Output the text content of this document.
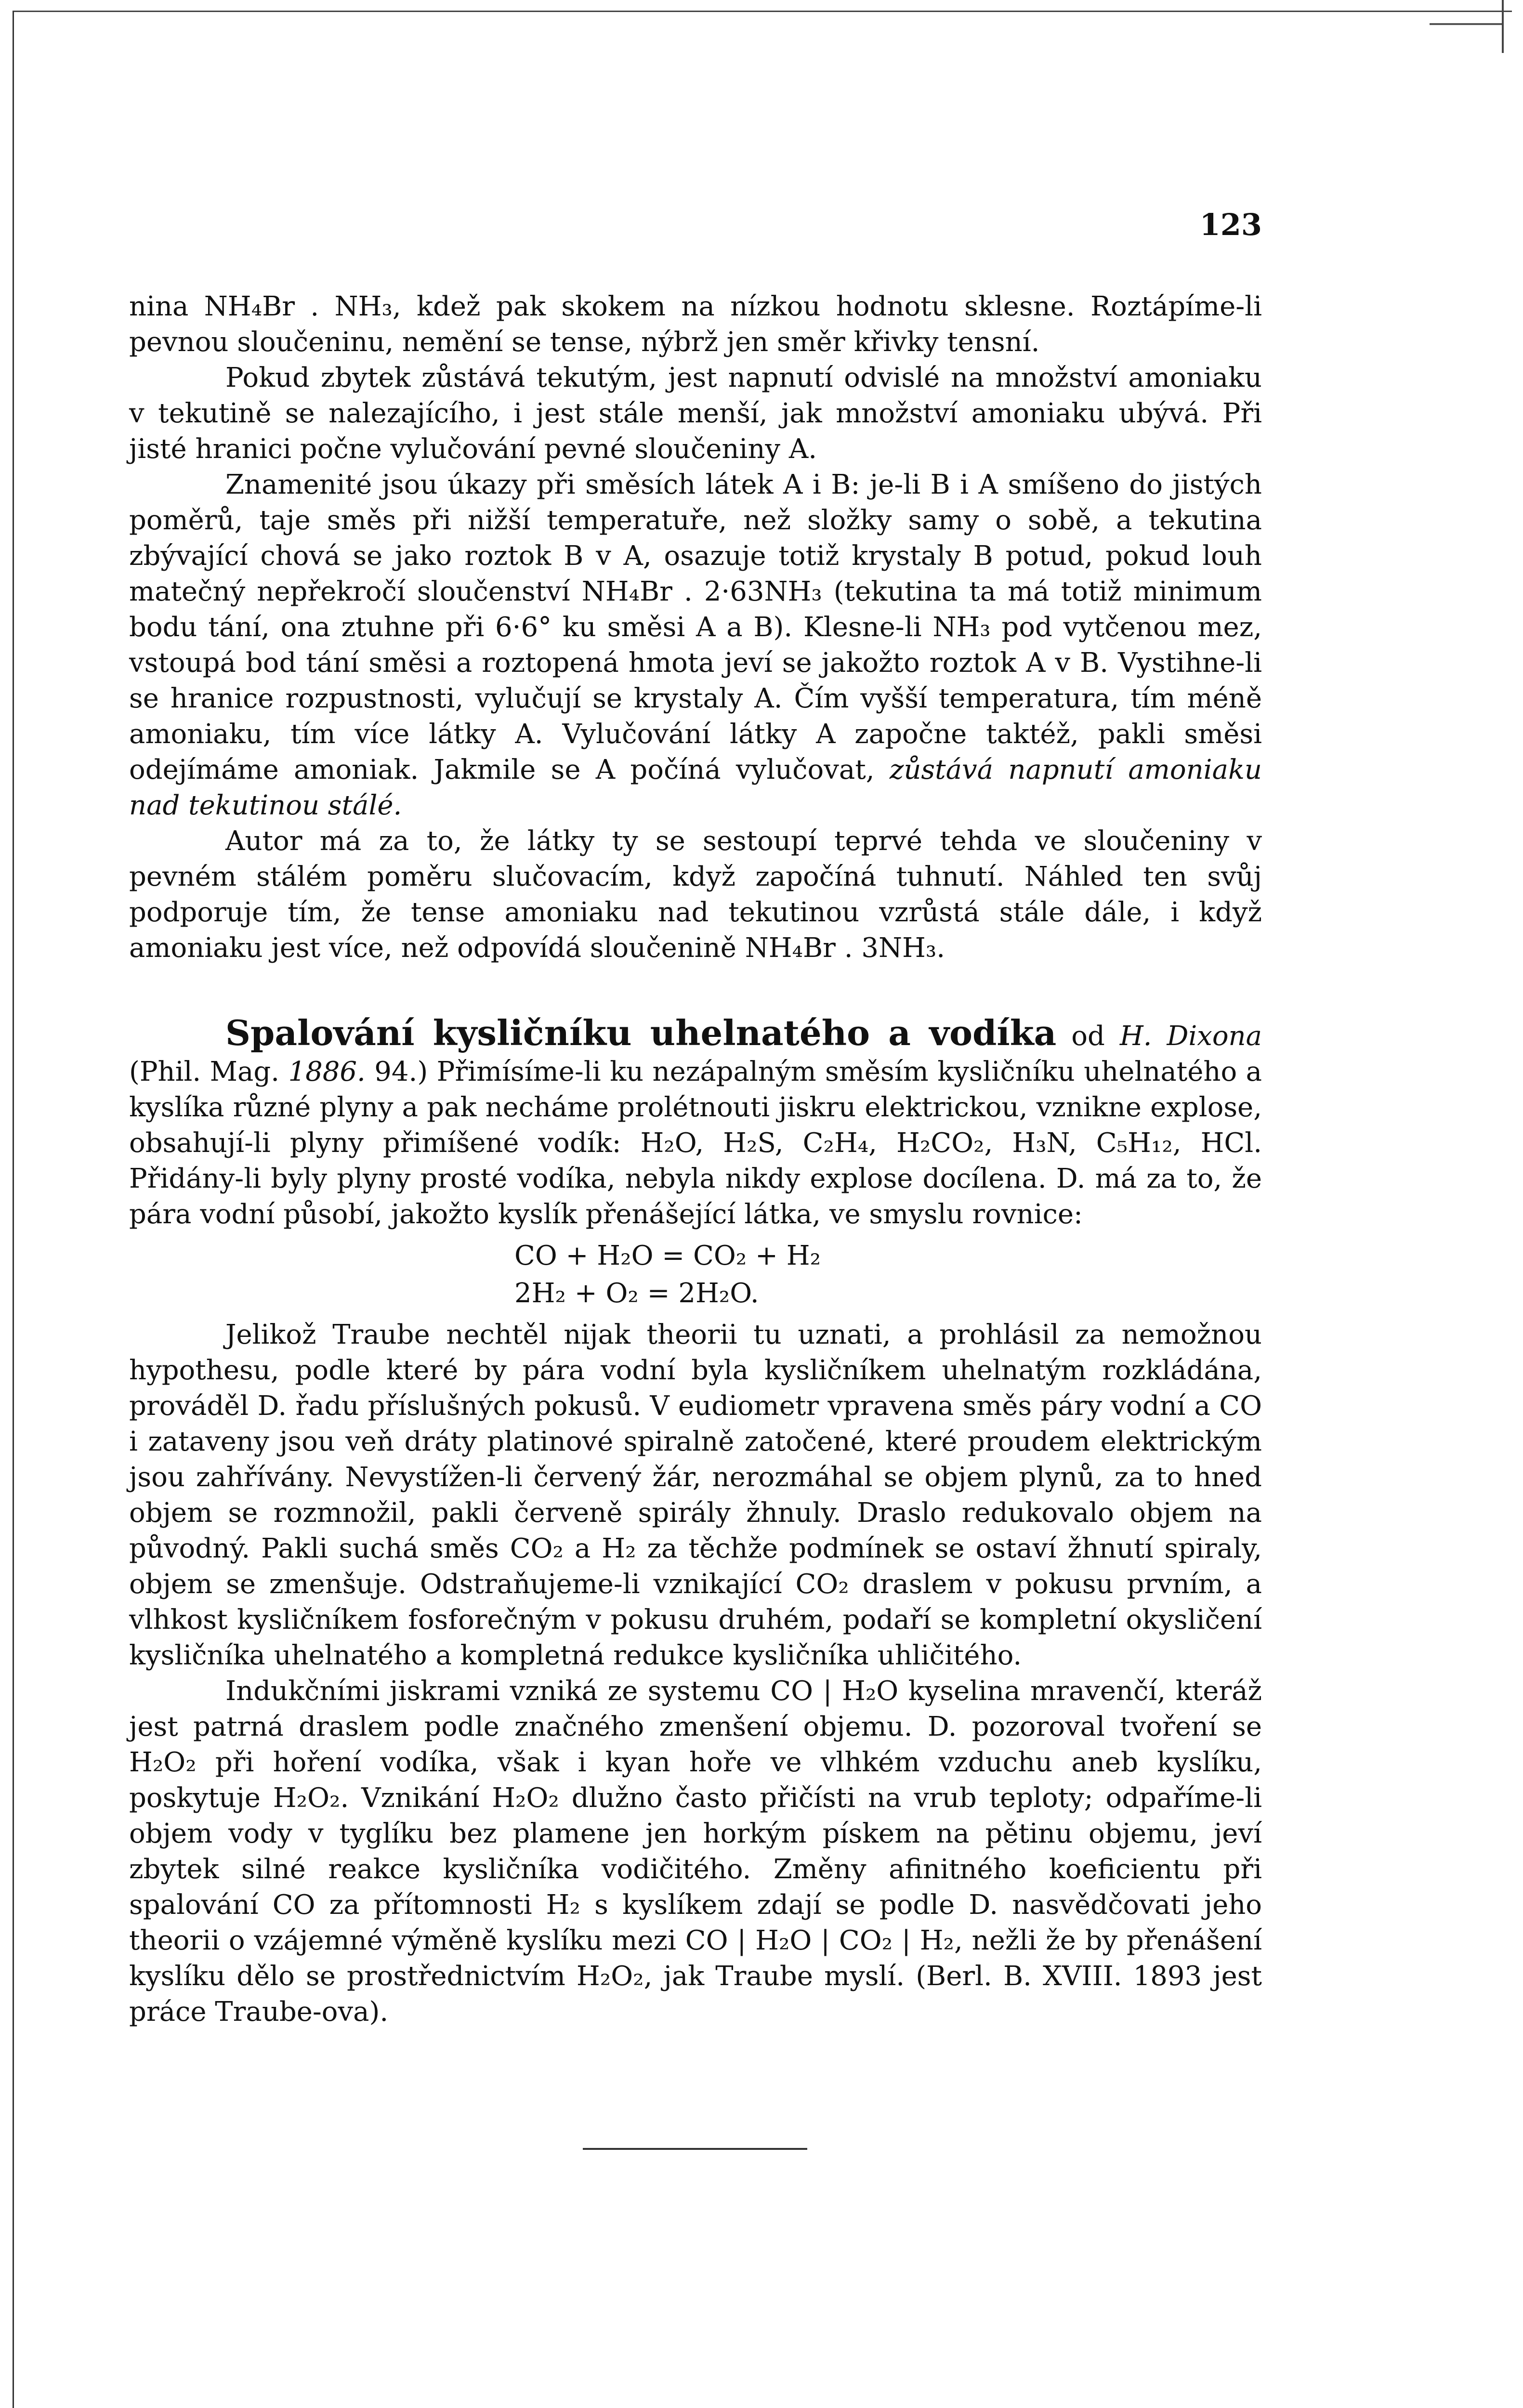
123

nina NH₄Br . NH₃, kdež pak skokem na nízkou hodnotu sklesne. Roztápíme-li pevnou sloučeninu, nemění se tense, nýbrž jen směr křivky tensní.

Pokud zbytek zůstává tekutým, jest napnutí odvislé na množství amoniaku v tekutině se nalezajícího, i jest stále menší, jak množství amoniaku ubývá. Při jisté hranici počne vylučování pevné sloučeniny A.

Znamenité jsou úkazy při směsích látek A i B: je-li B i A smíšeno do jistých poměrů, taje směs při nižší temperatuře, než složky samy o sobě, a tekutina zbývající chová se jako roztok B v A, osazuje totiž krystaly B potud, pokud louh matečný nepřekročí sloučenství NH₄Br . 2·63NH₃ (tekutina ta má totiž minimum bodu tání, ona ztuhne při 6·6° ku směsi A a B). Klesne-li NH₃ pod vytčenou mez, vstoupá bod tání směsi a roztopená hmota jeví se jakožto roztok A v B. Vystihne-li se hranice rozpustnosti, vylučují se krystaly A. Čím vyšší temperatura, tím méně amoniaku, tím více látky A. Vylučování látky A započne taktéž, pakli směsi odejímáme amoniak. Jakmile se A počíná vylučovat, zůstává napnutí amoniaku nad tekutinou stálé.

Autor má za to, že látky ty se sestoupí teprvé tehda ve sloučeniny v pevném stálém poměru slučovacím, když započíná tuhnutí. Náhled ten svůj podporuje tím, že tense amoniaku nad tekutinou vzrůstá stále dále, i když amoniaku jest více, než odpovídá sloučenině NH₄Br . 3NH₃.

Spalování kysličníku uhelnatého a vodíka od H. Dixona (Phil. Mag. 1886. 94.) Přimísíme-li ku nezápalným směsím kysličníku uhelnatého a kyslíka různé plyny a pak necháme prolétnouti jiskru elektrickou, vznikne explose, obsahují-li plyny přimíšené vodík: H₂O, H₂S, C₂H₄, H₂CO₂, H₃N, C₅H₁₂, HCl. Přidány-li byly plyny prosté vodíka, nebyla nikdy explose docílena. D. má za to, že pára vodní působí, jakožto kyslík přenášející látka, ve smyslu rovnice:

CO + H₂O = CO₂ + H₂
2H₂ + O₂ = 2H₂O.

Jelikož Traube nechtěl nijak theorii tu uznati, a prohlásil za nemožnou hypothesu, podle které by pára vodní byla kysličníkem uhelnatým rozkládána, prováděl D. řadu příslušných pokusů. V eudiometr vpravena směs páry vodní a CO i zataveny jsou veň dráty platinové spiralně zatočené, které proudem elektrickým jsou zahřívány. Nevystížen-li červený žár, nerozmáhal se objem plynů, za to hned objem se rozmnožil, pakli červeně spirály žhnuly. Draslo redukovalo objem na původný. Pakli suchá směs CO₂ a H₂ za těchže podmínek se ostaví žhnutí spiraly, objem se zmenšuje. Odstraňujeme-li vznikající CO₂ draslem v pokusu prvním, a vlhkost kysličníkem fosforečným v pokusu druhém, podaří se kompletní okysličení kysličníka uhelnatého a kompletná redukce kysličníka uhličitého.

Indukčními jiskrami vzniká ze systemu CO | H₂O kyselina mravenčí, kteráž jest patrná draslem podle značného zmenšení objemu. D. pozoroval tvoření se H₂O₂ při hoření vodíka, však i kyan hoře ve vlhkém vzduchu aneb kyslíku, poskytuje H₂O₂. Vznikání H₂O₂ dlužno často přičísti na vrub teploty; odpaříme-li objem vody v tyglíku bez plamene jen horkým pískem na pětinu objemu, jeví zbytek silné reakce kysličníka vodičitého. Změny afinitného koeficientu při spalování CO za přítomnosti H₂ s kyslíkem zdají se podle D. nasvědčovati jeho theorii o vzájemné výměně kyslíku mezi CO | H₂O | CO₂ | H₂, nežli že by přenášení kyslíku dělo se prostřednictvím H₂O₂, jak Traube myslí. (Berl. B. XVIII. 1893 jest práce Traube-ova).
